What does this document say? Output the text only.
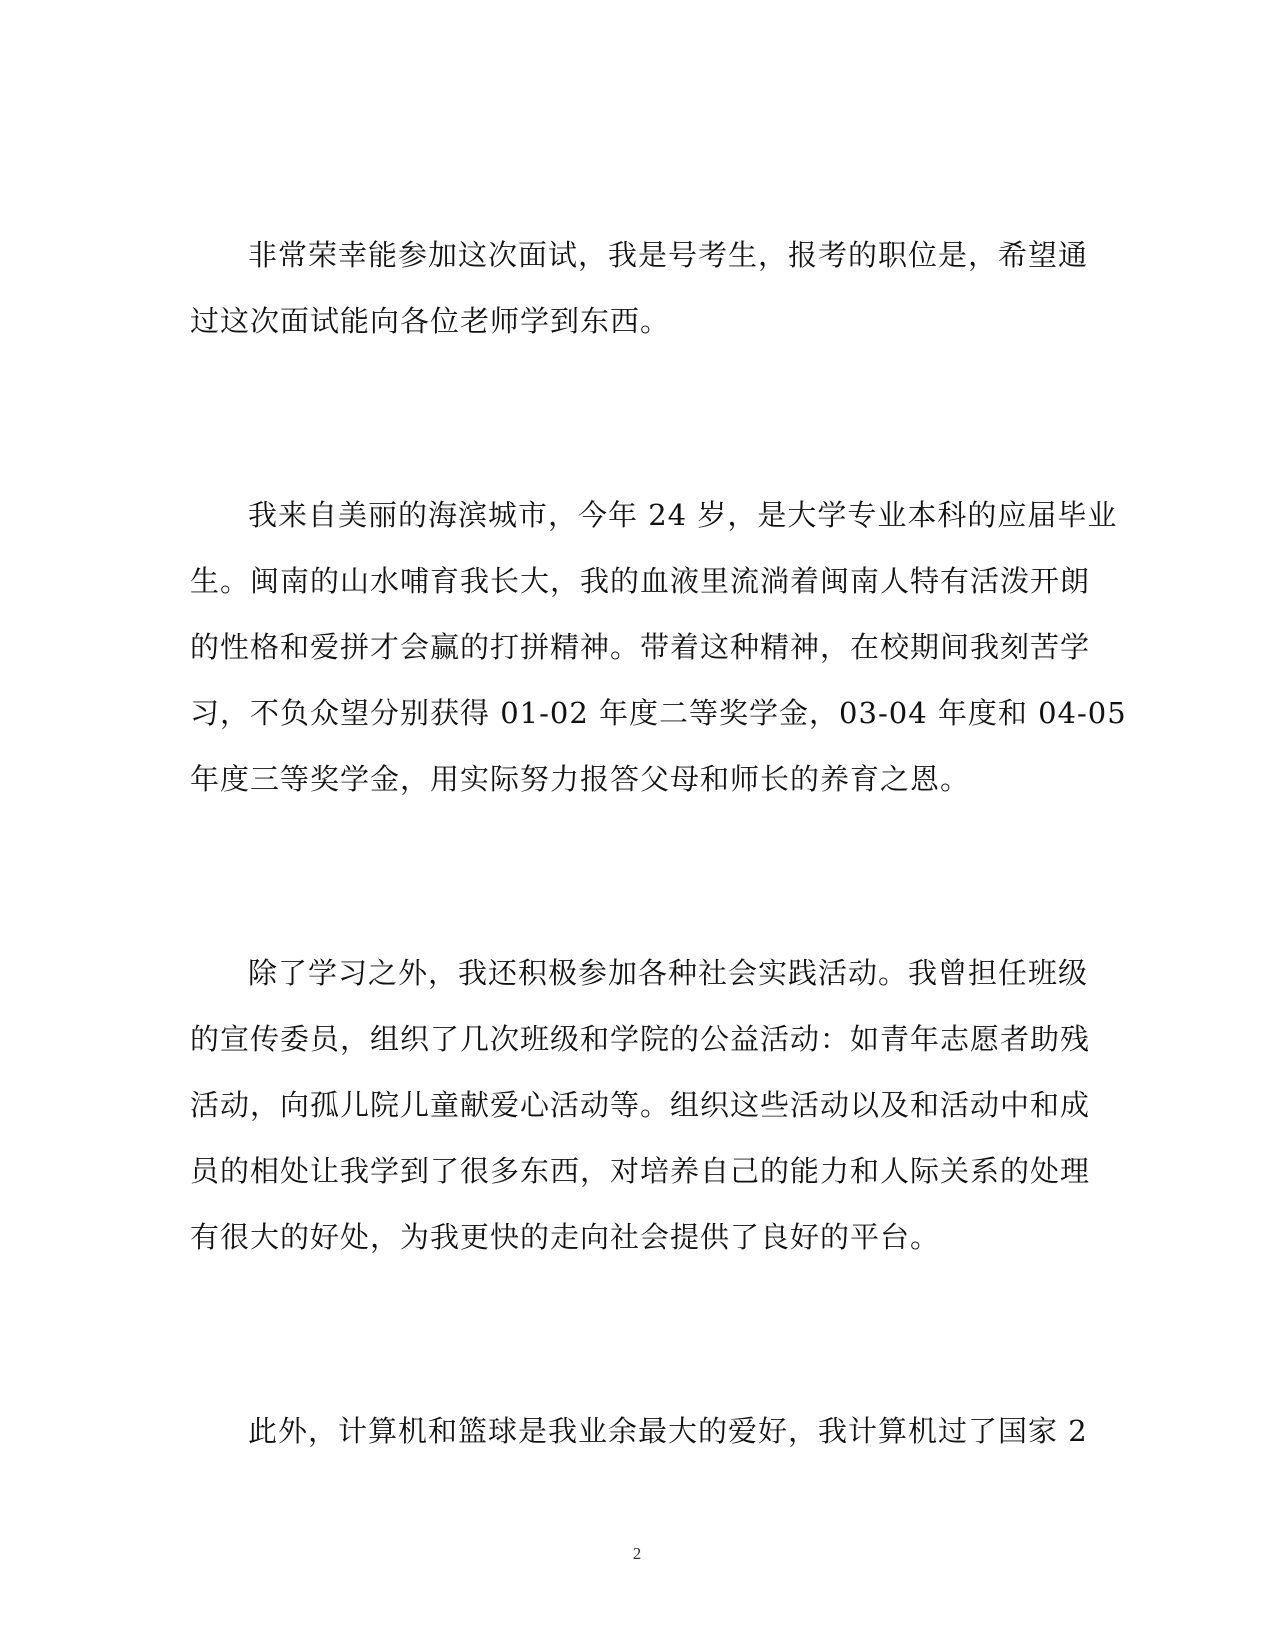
非常荣幸能参加这次面试，我是号考生，报考的职位是，希望通
过这次面试能向各位老师学到东西。
我来自美丽的海滨城市，今年 24 岁，是大学专业本科的应届毕业
生。闽南的山水哺育我长大，我的血液里流淌着闽南人特有活泼开朗
的性格和爱拼才会赢的打拼精神。带着这种精神，在校期间我刻苦学
习，不负众望分别获得 01-02 年度二等奖学金，03-04 年度和 04-05
年度三等奖学金，用实际努力报答父母和师长的养育之恩。
除了学习之外，我还积极参加各种社会实践活动。我曾担任班级
的宣传委员，组织了几次班级和学院的公益活动：如青年志愿者助残
活动，向孤儿院儿童献爱心活动等。组织这些活动以及和活动中和成
员的相处让我学到了很多东西，对培养自己的能力和人际关系的处理
有很大的好处，为我更快的走向社会提供了良好的平台。
此外，计算机和篮球是我业余最大的爱好，我计算机过了国家 2
2
